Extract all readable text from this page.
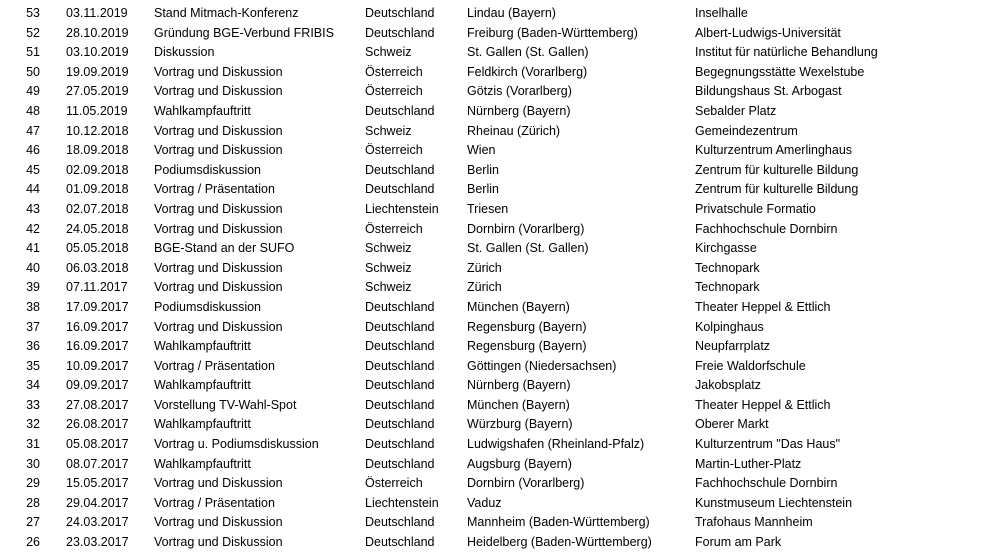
53	03.11.2019	Stand Mitmach-Konferenz	Deutschland	Lindau (Bayern)	Inselhalle
52	28.10.2019	Gründung BGE-Verbund FRIBIS	Deutschland	Freiburg (Baden-Württemberg)	Albert-Ludwigs-Universität
51	03.10.2019	Diskussion	Schweiz	St. Gallen (St. Gallen)	Institut für natürliche Behandlung
50	19.09.2019	Vortrag und Diskussion	Österreich	Feldkirch (Vorarlberg)	Begegnungsstätte Wexelstube
49	27.05.2019	Vortrag und Diskussion	Österreich	Götzis (Vorarlberg)	Bildungshaus St. Arbogast
48	11.05.2019	Wahlkampfauftritt	Deutschland	Nürnberg (Bayern)	Sebalder Platz
47	10.12.2018	Vortrag und Diskussion	Schweiz	Rheinau (Zürich)	Gemeindezentrum
46	18.09.2018	Vortrag und Diskussion	Österreich	Wien	Kulturzentrum Amerlinghaus
45	02.09.2018	Podiumsdiskussion	Deutschland	Berlin	Zentrum für kulturelle Bildung
44	01.09.2018	Vortrag / Präsentation	Deutschland	Berlin	Zentrum für kulturelle Bildung
43	02.07.2018	Vortrag und Diskussion	Liechtenstein	Triesen	Privatschule Formatio
42	24.05.2018	Vortrag und Diskussion	Österreich	Dornbirn (Vorarlberg)	Fachhochschule Dornbirn
41	05.05.2018	BGE-Stand an der SUFO	Schweiz	St. Gallen (St. Gallen)	Kirchgasse
40	06.03.2018	Vortrag und Diskussion	Schweiz	Zürich	Technopark
39	07.11.2017	Vortrag und Diskussion	Schweiz	Zürich	Technopark
38	17.09.2017	Podiumsdiskussion	Deutschland	München (Bayern)	Theater Heppel & Ettlich
37	16.09.2017	Vortrag und Diskussion	Deutschland	Regensburg (Bayern)	Kolpinghaus
36	16.09.2017	Wahlkampfauftritt	Deutschland	Regensburg (Bayern)	Neupfarrplatz
35	10.09.2017	Vortrag / Präsentation	Deutschland	Göttingen (Niedersachsen)	Freie Waldorfschule
34	09.09.2017	Wahlkampfauftritt	Deutschland	Nürnberg (Bayern)	Jakobsplatz
33	27.08.2017	Vorstellung TV-Wahl-Spot	Deutschland	München (Bayern)	Theater Heppel & Ettlich
32	26.08.2017	Wahlkampfauftritt	Deutschland	Würzburg (Bayern)	Oberer Markt
31	05.08.2017	Vortrag u. Podiumsdiskussion	Deutschland	Ludwigshafen (Rheinland-Pfalz)	Kulturzentrum "Das Haus"
30	08.07.2017	Wahlkampfauftritt	Deutschland	Augsburg (Bayern)	Martin-Luther-Platz
29	15.05.2017	Vortrag und Diskussion	Österreich	Dornbirn (Vorarlberg)	Fachhochschule Dornbirn
28	29.04.2017	Vortrag / Präsentation	Liechtenstein	Vaduz	Kunstmuseum Liechtenstein
27	24.03.2017	Vortrag und Diskussion	Deutschland	Mannheim (Baden-Württemberg)	Trafohaus Mannheim
26	23.03.2017	Vortrag und Diskussion	Deutschland	Heidelberg (Baden-Württemberg)	Forum am Park
